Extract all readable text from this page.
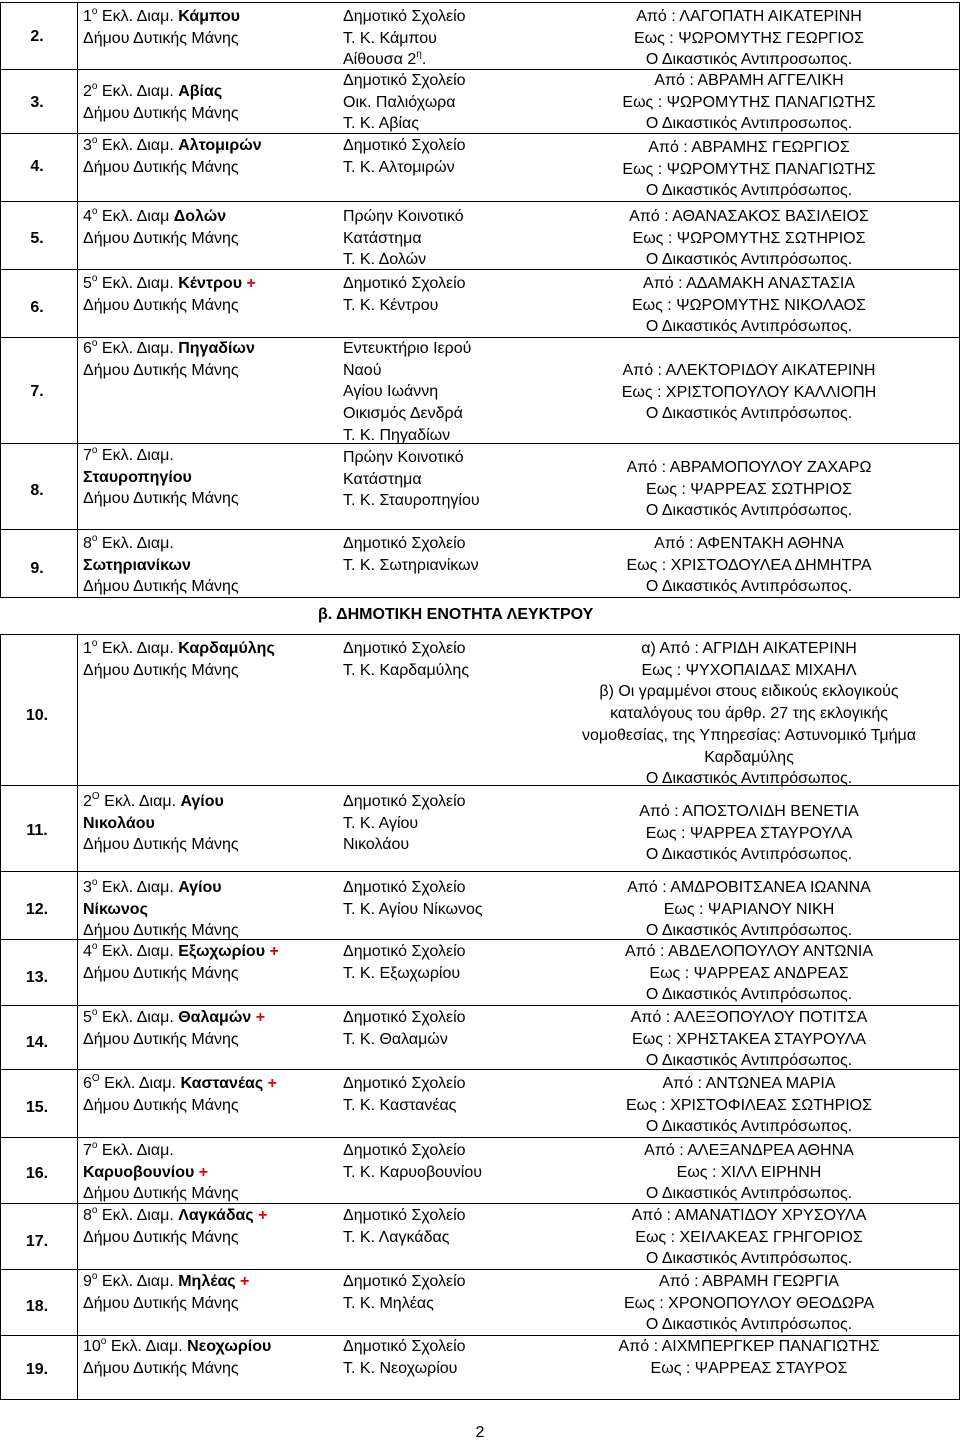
2.
$1^o$ Εκλ. Διαμ. Κάμπου
Δήμου Δυτικής Μάνης
Δημοτικό Σχολείο
Τ. Κ. Κάμπου
Αίθουσα $2^\eta$.
Από : ΛΑΓΟΠΑΤΗ ΑΙΚΑΤΕΡΙΝΗ
Εως : ΨΩΡΟΜΥΤΗΣ ΓΕΩΡΓΙΟΣ
Ο Δικαστικός Αντιπροσωπος.
3.
$2^o$ Εκλ. Διαμ. Αβίας
Δήμου Δυτικής Μάνης
Δημοτικό Σχολείο
Οικ. Παλιόχωρα
Τ. Κ. Αβίας
Από : ΑΒΡΑΜΗ ΑΓΓΕΛΙΚΗ
Εως : ΨΩΡΟΜΥΤΗΣ ΠΑΝΑΓΙΩΤΗΣ
Ο Δικαστικός Αντιπροσωπος.
4.
$3^o$ Εκλ. Διαμ. Αλτομιρών
Δήμου Δυτικής Μάνης
Δημοτικό Σχολείο
Τ. Κ. Αλτομιρών
Από : ΑΒΡΑΜΗΣ ΓΕΩΡΓΙΟΣ
Εως : ΨΩΡΟΜΥΤΗΣ ΠΑΝΑΓΙΩΤΗΣ
Ο Δικαστικός Αντιπρόσωπος.
5.
$4^o$ Εκλ. Διαμ Δολών
Δήμου Δυτικής Μάνης
Πρώην Κοινοτικό
Κατάστημα
Τ. Κ. Δολών
Από : ΑΘΑΝΑΣΑΚΟΣ ΒΑΣΙΛΕΙΟΣ
Εως : ΨΩΡΟΜΥΤΗΣ ΣΩΤΗΡΙΟΣ
Ο Δικαστικός Αντιπρόσωπος.
6.
$5^o$ Εκλ. Διαμ. Κέντρου +
Δήμου Δυτικής Μάνης
Δημοτικό Σχολείο
Τ. Κ. Κέντρου
Από : ΑΔΑΜΑΚΗ ΑΝΑΣΤΑΣΙΑ
Εως : ΨΩΡΟΜΥΤΗΣ ΝΙΚΟΛΑΟΣ
Ο Δικαστικός Αντιπρόσωπος.
7.
$6^o$ Εκλ. Διαμ. Πηγαδίων
Δήμου Δυτικής Μάνης
Εντευκτήριο Ιερού
Ναού
Αγίου Ιωάννη
Οικισμός Δενδρά
Τ. Κ. Πηγαδίων
Από : ΑΛΕΚΤΟΡΙΔΟΥ ΑΙΚΑΤΕΡΙΝΗ
Εως : ΧΡΙΣΤΟΠΟΥΛΟΥ ΚΑΛΛΙΟΠΗ
Ο Δικαστικός Αντιπρόσωπος.
8.
$7^o$ Εκλ. Διαμ.
Σταυροπηγίου
Δήμου Δυτικής Μάνης
Πρώην Κοινοτικό
Κατάστημα
Τ. Κ. Σταυροπηγίου
Από : ΑΒΡΑΜΟΠΟΥΛΟΥ ΖΑΧΑΡΩ
Εως : ΨΑΡΡΕΑΣ ΣΩΤΗΡΙΟΣ
Ο Δικαστικός Αντιπρόσωπος.
9.
$8^o$ Εκλ. Διαμ.
Σωτηριανίκων
Δήμου Δυτικής Μάνης
Δημοτικό Σχολείο
Τ. Κ. Σωτηριανίκων
Από : ΑΦΕΝΤΑΚΗ ΑΘΗΝΑ
Εως : ΧΡΙΣΤΟΔΟΥΛΕΑ ΔΗΜΗΤΡΑ
Ο Δικαστικός Αντιπρόσωπος.
β. ΔΗΜΟΤΙΚΗ ΕΝΟΤΗΤΑ ΛΕΥΚΤΡΟΥ
10.
$1^o$ Εκλ. Διαμ. Καρδαμύλης
Δήμου Δυτικής Μάνης
Δημοτικό Σχολείο
Τ. Κ. Καρδαμύλης
α) Από : ΑΓΡΙΔΗ ΑΙΚΑΤΕΡΙΝΗ
Εως : ΨΥΧΟΠΑΙΔΑΣ ΜΙΧΑΗΛ
β) Οι γραμμένοι στους ειδικούς εκλογικούς
καταλόγους του άρθρ. 27 της εκλογικής
νομοθεσίας, της Υπηρεσίας: Αστυνομικό Τμήμα
Καρδαμύλης
Ο Δικαστικός Αντιπρόσωπος.
11.
$2^O$ Εκλ. Διαμ. Αγίου
Νικολάου
Δήμου Δυτικής Μάνης
Δημοτικό Σχολείο
Τ. Κ. Αγίου
Νικολάου
Από : ΑΠΟΣΤΟΛΙΔΗ ΒΕΝΕΤΙΑ
Εως : ΨΑΡΡΕΑ ΣΤΑΥΡΟΥΛΑ
Ο Δικαστικός Αντιπρόσωπος.
12.
$3^o$ Εκλ. Διαμ. Αγίου
Νίκωνος
Δήμου Δυτικής Μάνης
Δημοτικό Σχολείο
Τ. Κ. Αγίου Νίκωνος
Από : ΑΜΔΡΟΒΙΤΣΑΝΕΑ ΙΩΑΝΝΑ
Εως : ΨΑΡΙΑΝΟΥ ΝΙΚΗ
Ο Δικαστικός Αντιπρόσωπος.
13.
$4^o$ Εκλ. Διαμ. Εξωχωρίου +
Δήμου Δυτικής Μάνης
Δημοτικό Σχολείο
Τ. Κ. Εξωχωρίου
Από : ΑΒΔΕΛΟΠΟΥΛΟΥ ΑΝΤΩΝΙΑ
Εως : ΨΑΡΡΕΑΣ ΑΝΔΡΕΑΣ
Ο Δικαστικός Αντιπρόσωπος.
14.
$5^o$ Εκλ. Διαμ. Θαλαμών +
Δήμου Δυτικής Μάνης
Δημοτικό Σχολείο
Τ. Κ. Θαλαμών
Από : ΑΛΕΞΟΠΟΥΛΟΥ ΠΟΤΙΤΣΑ
Εως : ΧΡΗΣΤΑΚΕΑ ΣΤΑΥΡΟΥΛΑ
Ο Δικαστικός Αντιπρόσωπος.
15.
$6^O$ Εκλ. Διαμ. Καστανέας +
Δήμου Δυτικής Μάνης
Δημοτικό Σχολείο
Τ. Κ. Καστανέας
Από : ΑΝΤΩΝΕΑ ΜΑΡΙΑ
Εως : ΧΡΙΣΤΟΦΙΛΕΑΣ ΣΩΤΗΡΙΟΣ
Ο Δικαστικός Αντιπρόσωπος.
16.
$7^o$ Εκλ. Διαμ.
Καρυοβουνίου +
Δήμου Δυτικής Μάνης
Δημοτικό Σχολείο
Τ. Κ. Καρυοβουνίου
Από : ΑΛΕΞΑΝΔΡΕΑ ΑΘΗΝΑ
Εως : ΧΙΛΛ ΕΙΡΗΝΗ
Ο Δικαστικός Αντιπρόσωπος.
17.
$8^o$ Εκλ. Διαμ. Λαγκάδας +
Δήμου Δυτικής Μάνης
Δημοτικό Σχολείο
Τ. Κ. Λαγκάδας
Από : ΑΜΑΝΑΤΙΔΟΥ ΧΡΥΣΟΥΛΑ
Εως : ΧΕΙΛΑΚΕΑΣ ΓΡΗΓΟΡΙΟΣ
Ο Δικαστικός Αντιπρόσωπος.
18.
$9^o$ Εκλ. Διαμ. Μηλέας +
Δήμου Δυτικής Μάνης
Δημοτικό Σχολείο
Τ. Κ. Μηλέας
Από : ΑΒΡΑΜΗ ΓΕΩΡΓΙΑ
Εως : ΧΡΟΝΟΠΟΥΛΟΥ ΘΕΟΔΩΡΑ
Ο Δικαστικός Αντιπρόσωπος.
19.
$10^o$ Εκλ. Διαμ. Νεοχωρίου
Δήμου Δυτικής Μάνης
Δημοτικό Σχολείο
Τ. Κ. Νεοχωρίου
Από : ΑΙΧΜΠΕΡΓΚΕΡ ΠΑΝΑΓΙΩΤΗΣ
Εως : ΨΑΡΡΕΑΣ ΣΤΑΥΡΟΣ
2
